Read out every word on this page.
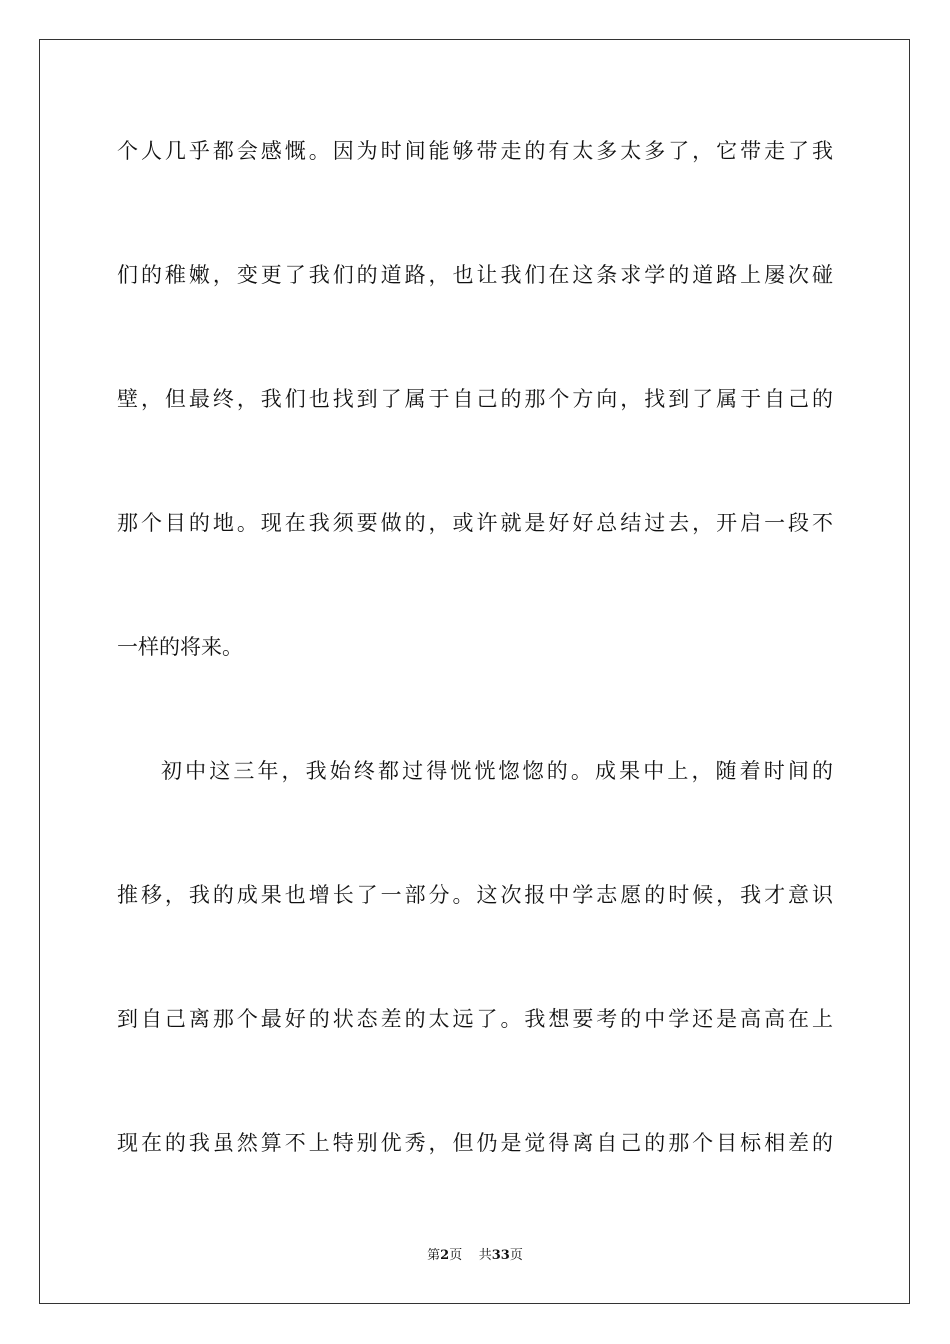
个人几乎都会感慨。因为时间能够带走的有太多太多了，它带走了我
们的稚嫩，变更了我们的道路，也让我们在这条求学的道路上屡次碰
壁，但最终，我们也找到了属于自己的那个方向，找到了属于自己的
那个目的地。现在我须要做的，或许就是好好总结过去，开启一段不
一样的将来。
初中这三年，我始终都过得恍恍惚惚的。成果中上，随着时间的
推移，我的成果也增长了一部分。这次报中学志愿的时候，我才意识
到自己离那个最好的状态差的太远了。我想要考的中学还是高高在上
现在的我虽然算不上特别优秀，但仍是觉得离自己的那个目标相差的
第2页 共33页
